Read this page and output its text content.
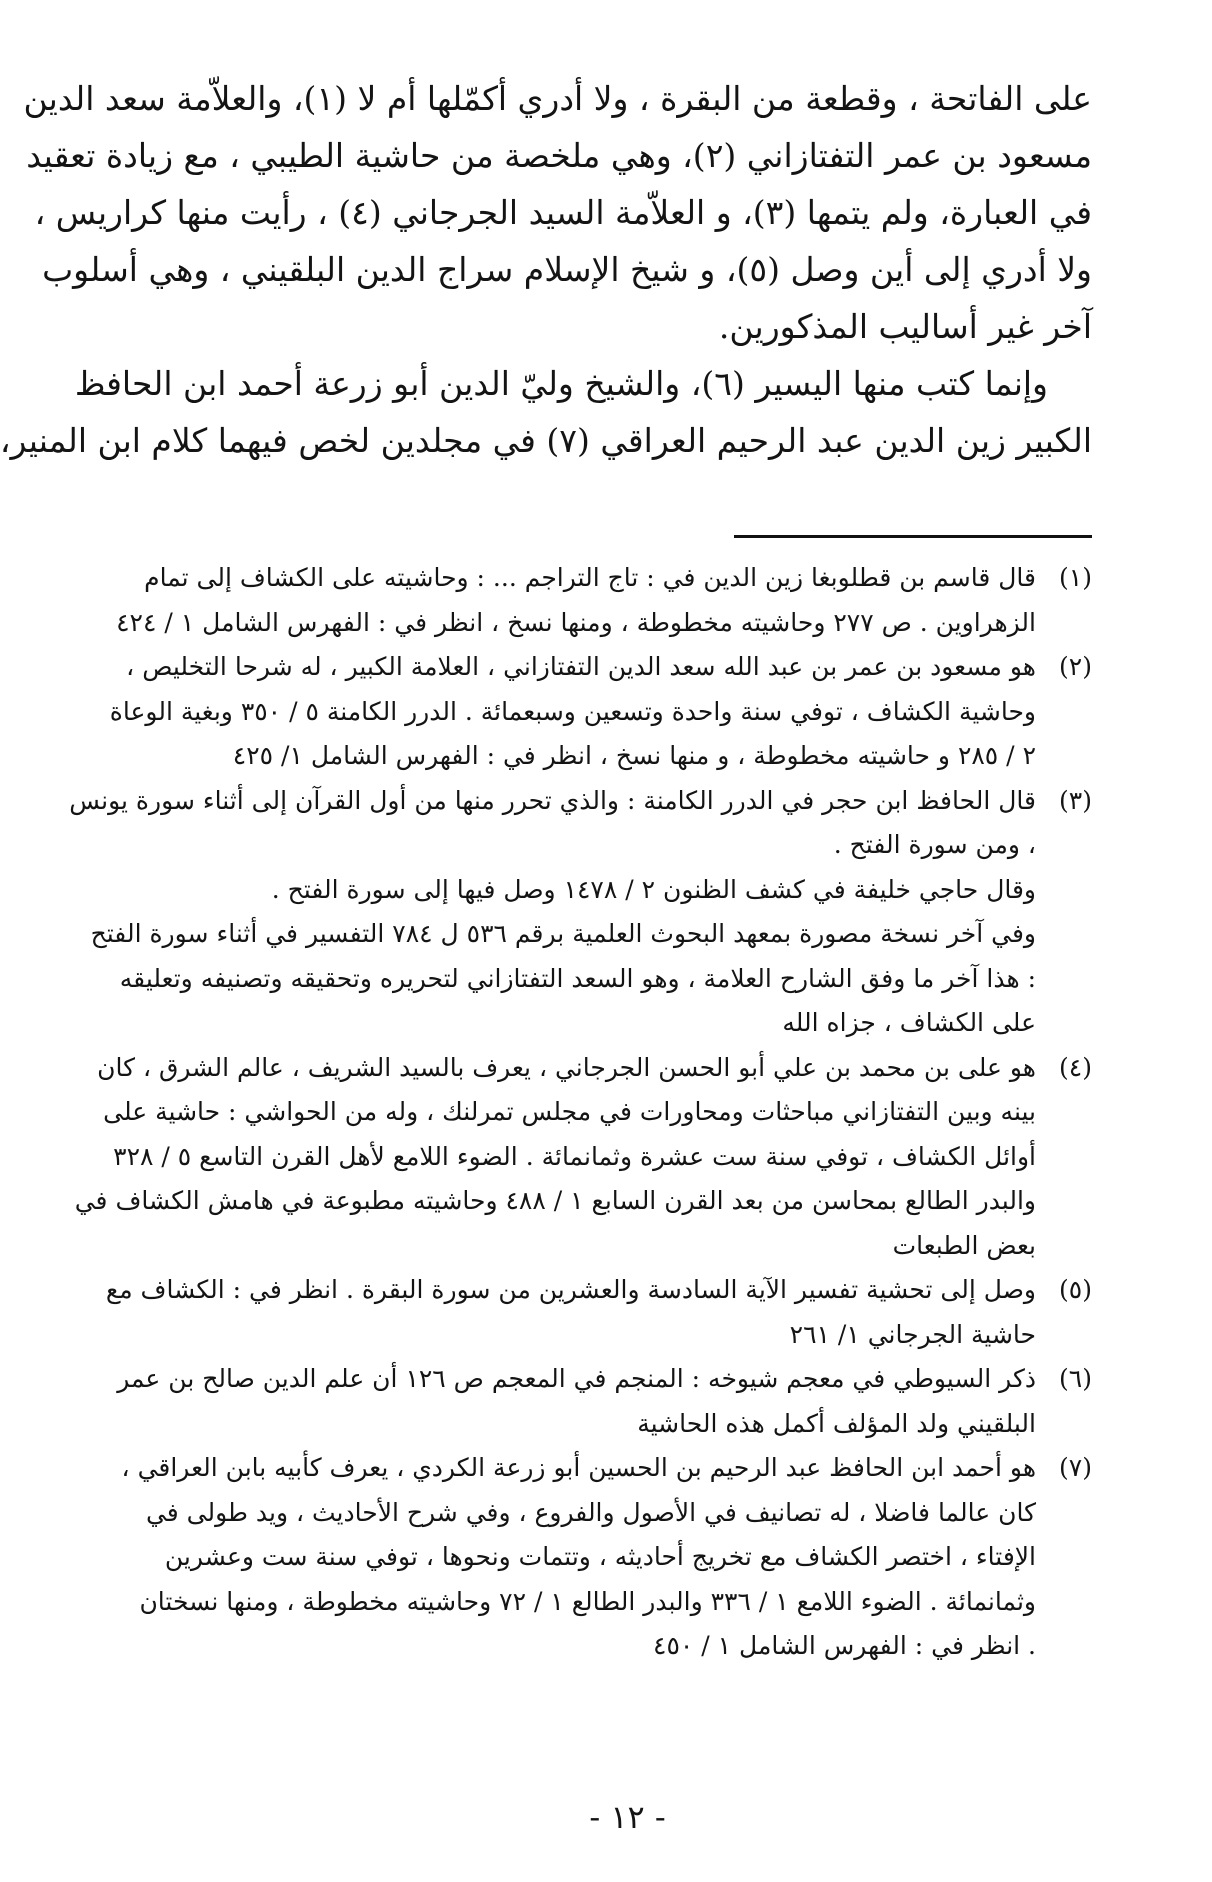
على الفاتحة ، وقطعة من البقرة ، ولا أدري أكمّلها أم لا (١)، والعلاّمة سعد الدين
مسعود بن عمر التفتازاني (٢)، وهي ملخصة من حاشية الطيبي ، مع زيادة تعقيد
في العبارة، ولم يتمها (٣)، و العلاّمة السيد الجرجاني (٤) ، رأيت منها كراريس ،
ولا أدري إلى أين وصل (٥)، و شيخ الإسلام سراج الدين البلقيني ، وهي أسلوب
آخر غير أساليب المذكورين.
وإنما كتب منها اليسير (٦)، والشيخ وليّ الدين أبو زرعة أحمد ابن الحافظ
الكبير زين الدين عبد الرحيم العراقي (٧) في مجلدين لخص فيهما كلام ابن المنير،
(١)
قال قاسم بن قطلوبغا زين الدين في : تاج التراجم ... : وحاشيته على الكشاف إلى تمام
الزهراوين . ص ٢٧٧ وحاشيته مخطوطة ، ومنها نسخ ، انظر في : الفهرس الشامل ١ / ٤٢٤
(٢)
هو مسعود بن عمر بن عبد الله سعد الدين التفتازاني ، العلامة الكبير ، له شرحا التخليص ،
وحاشية الكشاف ، توفي سنة واحدة وتسعين وسبعمائة . الدرر الكامنة ٥ / ٣٥٠ وبغية الوعاة
٢ / ٢٨٥ و حاشيته مخطوطة ، و منها نسخ ، انظر في : الفهرس الشامل ١/ ٤٢٥
(٣)
قال الحافظ ابن حجر في الدرر الكامنة : والذي تحرر منها من أول القرآن إلى أثناء سورة يونس
، ومن سورة الفتح .
وقال حاجي خليفة في كشف الظنون ٢ / ١٤٧٨ وصل فيها إلى سورة الفتح .
وفي آخر نسخة مصورة بمعهد البحوث العلمية برقم ٥٣٦ ل ٧٨٤ التفسير في أثناء سورة الفتح
: هذا آخر ما وفق الشارح العلامة ، وهو السعد التفتازاني لتحريره وتحقيقه وتصنيفه وتعليقه
على الكشاف ، جزاه الله
(٤)
هو على بن محمد بن علي أبو الحسن الجرجاني ، يعرف بالسيد الشريف ، عالم الشرق ، كان
بينه وبين التفتازاني مباحثات ومحاورات في مجلس تمرلنك ، وله من الحواشي : حاشية على
أوائل الكشاف ، توفي سنة ست عشرة وثمانمائة . الضوء اللامع لأهل القرن التاسع ٥ / ٣٢٨
والبدر الطالع بمحاسن من بعد القرن السابع ١ / ٤٨٨ وحاشيته مطبوعة في هامش الكشاف في
بعض الطبعات
(٥)
وصل إلى تحشية تفسير الآية السادسة والعشرين من سورة البقرة . انظر في : الكشاف مع
حاشية الجرجاني ١/ ٢٦١
(٦)
ذكر السيوطي في معجم شيوخه : المنجم في المعجم ص ١٢٦ أن علم الدين صالح بن عمر
البلقيني ولد المؤلف أكمل هذه الحاشية
(٧)
هو أحمد ابن الحافظ عبد الرحيم بن الحسين أبو زرعة الكردي ، يعرف كأبيه بابن العراقي ،
كان عالما فاضلا ، له تصانيف في الأصول والفروع ، وفي شرح الأحاديث ، ويد طولى في
الإفتاء ، اختصر الكشاف مع تخريج أحاديثه ، وتتمات ونحوها ، توفي سنة ست وعشرين
وثمانمائة . الضوء اللامع ١ / ٣٣٦ والبدر الطالع ١ / ٧٢ وحاشيته مخطوطة ، ومنها نسختان
. انظر في : الفهرس الشامل ١ / ٤٥٠
- ١٢ -
